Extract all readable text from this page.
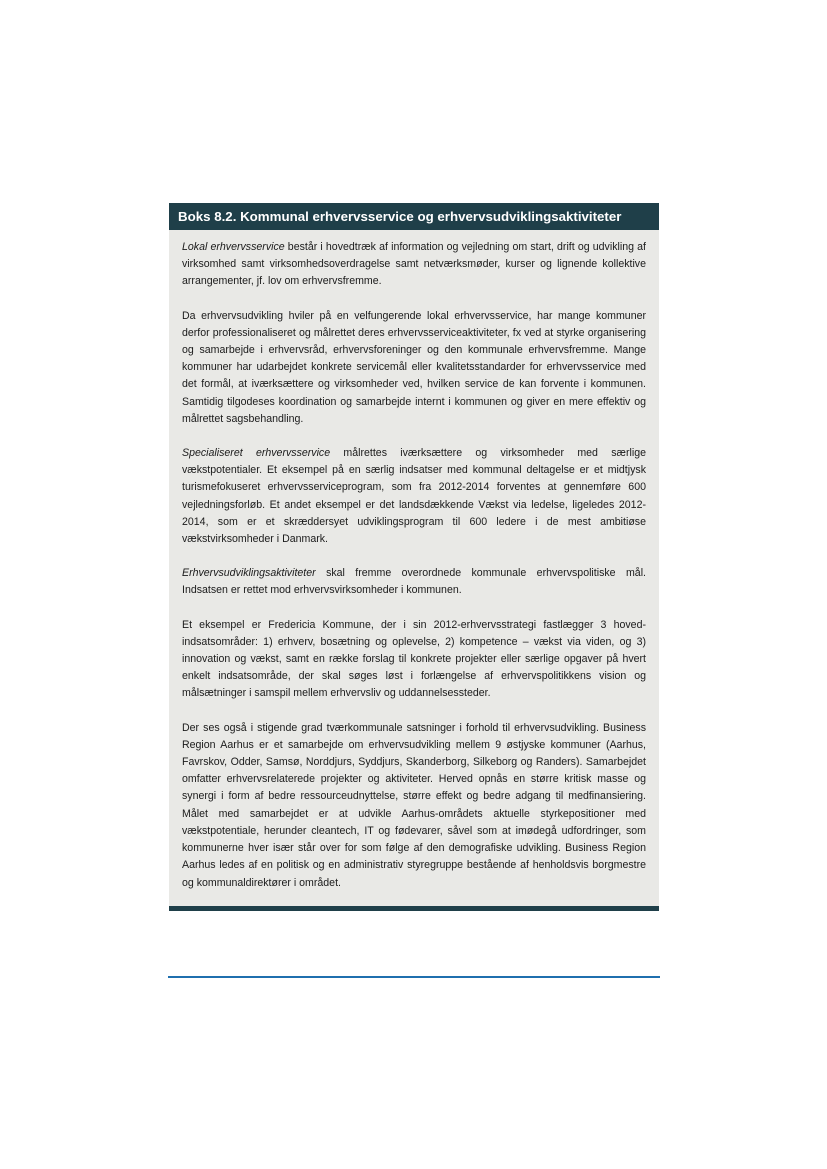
Boks 8.2. Kommunal erhvervsservice og erhvervsudviklingsaktiviteter

Lokal erhvervsservice består i hovedtræk af information og vejledning om start, drift og udvikling af virksomhed samt virksomhedsoverdragelse samt netværksmøder, kurser og lignende kollektive arrangementer, jf. lov om erhvervsfremme.

Da erhvervsudvikling hviler på en velfungerende lokal erhvervsservice, har mange kommuner derfor professionaliseret og målrettet deres erhvervsserviceaktiviteter, fx ved at styrke organisering og samarbejde i erhvervsråd, erhvervsforeninger og den kommunale erhvervsfremme. Mange kommuner har udarbejdet konkrete servicemål eller kvalitetsstandarder for erhvervsservice med det formål, at iværksættere og virksomheder ved, hvilken service de kan forvente i kommunen. Samtidig tilgodeses koordination og samarbejde internt i kommunen og giver en mere effektiv og målrettet sagsbehandling.

Specialiseret erhvervsservice målrettes iværksættere og virksomheder med særlige vækstpotentialer. Et eksempel på en særlig indsatser med kommunal deltagelse er et midtjysk turismefokuseret erhvervsserviceprogram, som fra 2012-2014 forventes at gennemføre 600 vejledningsforløb. Et andet eksempel er det landsdækkende Vækst via ledelse, ligeledes 2012-2014, som er et skræddersyet udviklingsprogram til 600 ledere i de mest ambitiøse vækstvirksomheder i Danmark.

Erhvervsudviklingsaktiviteter skal fremme overordnede kommunale erhvervspolitiske mål. Indsatsen er rettet mod erhvervsvirksomheder i kommunen.

Et eksempel er Fredericia Kommune, der i sin 2012-erhvervsstrategi fastlægger 3 hovedindsatsområder: 1) erhverv, bosætning og oplevelse, 2) kompetence – vækst via viden, og 3) innovation og vækst, samt en række forslag til konkrete projekter eller særlige opgaver på hvert enkelt indsatsområde, der skal søges løst i forlængelse af erhvervspolitikkens vision og målsætninger i samspil mellem erhvervsliv og uddannelsessteder.

Der ses også i stigende grad tværkommunale satsninger i forhold til erhvervsudvikling. Business Region Aarhus er et samarbejde om erhvervsudvikling mellem 9 østjyske kommuner (Aarhus, Favrskov, Odder, Samsø, Norddjurs, Syddjurs, Skanderborg, Silkeborg og Randers). Samarbejdet omfatter erhvervsrelaterede projekter og aktiviteter. Herved opnås en større kritisk masse og synergi i form af bedre ressourceudnyttelse, større effekt og bedre adgang til medfinansiering. Målet med samarbejdet er at udvikle Aarhus-områdets aktuelle styrkepositioner med vækstpotentiale, herunder cleantech, IT og fødevarer, såvel som at imødegå udfordringer, som kommunerne hver især står over for som følge af den demografiske udvikling. Business Region Aarhus ledes af en politisk og en administrativ styregruppe bestående af henholdsvis borgmestre og kommunaldirektører i området.
